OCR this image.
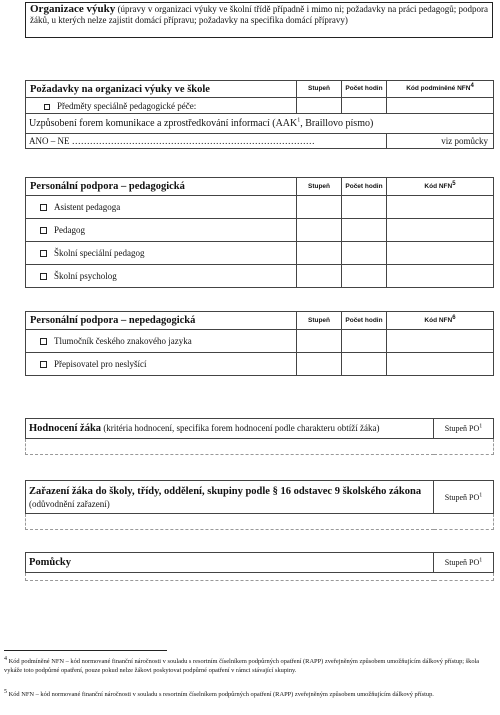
Organizace výuky (úpravy v organizaci výuky ve školní třídě případně i mimo ni; požadavky na práci pedagogů; podpora žáků, u kterých nelze zajistit domácí přípravu; požadavky na specifika domácí přípravy)
Požadavky na organizaci výuky ve škole	Stupeň	Počet hodin	Kód podmíněné NFN$^4$
Předměty speciálně pedagogické péče:			
Uzpůsobení forem komunikace a zprostředkování informací (AAK$^1$, Braillovo písmo)			
ANO – NE ………………………………………………………………………			viz pomůcky
Personální podpora – pedagogická	Stupeň	Počet hodin	Kód NFN$^5$
Asistent pedagoga			
Pedagog			
Školní speciální pedagog			
Školní psycholog			
Personální podpora – nepedagogická	Stupeň	Počet hodin	Kód NFN$^6$
Tlumočník českého znakového jazyka			
Přepisovatel pro neslyšící			
Hodnocení žáka (kritéria hodnocení, specifika forem hodnocení podle charakteru obtíží žáka)	Stupeň $PO^1$

Zařazení žáka do školy, třídy, oddělení, skupiny podle § 16 odstavec 9 školského zákona (odůvodnění zařazení)	Stupeň $PO^1$

Pomůcky	Stupeň $PO^1$

$^4$ Kód podmíněné NFN – kód normované finanční náročnosti v souladu s resortním číselníkem podpůrných opatření (RAPP) zveřejněným způsobem umožňujícím dálkový přístup; škola vykáže toto podpůrné opatření, pouze pokud nelze žákovi poskytovat podpůrné opatření v rámci stávající skupiny.
$^5$ Kód NFN – kód normované finanční náročnosti v souladu s resortním číselníkem podpůrných opatření (RAPP) zveřejněným způsobem umožňujícím dálkový přístup.
